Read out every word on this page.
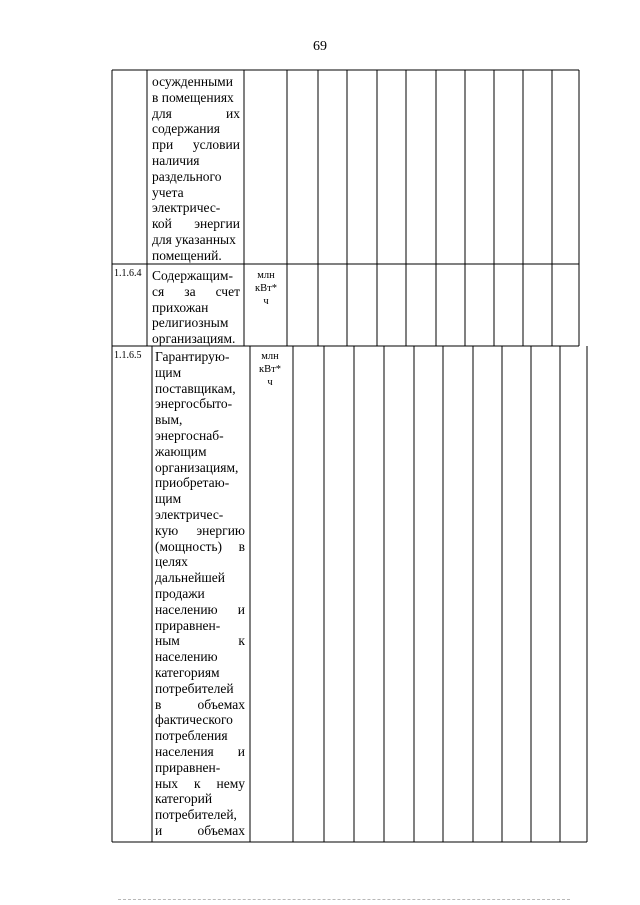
69
осужденными
в помещениях
для их
содержания
при условии
наличия
раздельного
учета
электричес-
кой энергии
для указанных
помещений.
1.1.6.4	млн
кВт*
ч
Содержащим-
ся за счет
прихожан
религиозным
организациям.
1.1.6.5	млн
кВт*
ч
Гарантирую-
щим
поставщикам,
энергосбыто-
вым,
энергоснаб-
жающим
организациям,
приобретаю-
щим
электричес-
кую энергию
(мощность) в
целях
дальнейшей
продажи
населению и
приравнен-
ным к
населению
категориям
потребителей
в объемах
фактического
потребления
населения и
приравнен-
ных к нему
категорий
потребителей,
и объемах
